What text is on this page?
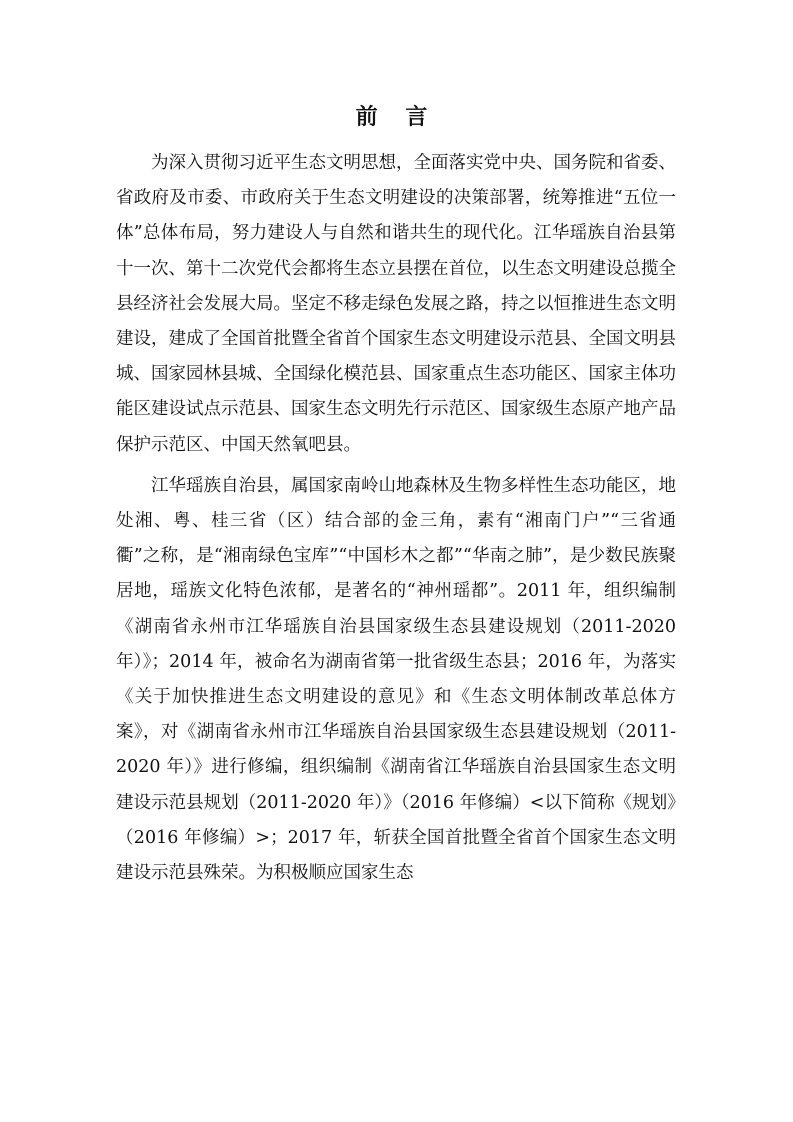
前 言

为深入贯彻习近平生态文明思想，全面落实党中央、国务院和省委、省政府及市委、市政府关于生态文明建设的决策部署，统筹推进“五位一体”总体布局，努力建设人与自然和谐共生的现代化。江华瑶族自治县第十一次、第十二次党代会都将生态立县摆在首位，以生态文明建设总揽全县经济社会发展大局。坚定不移走绿色发展之路，持之以恒推进生态文明建设，建成了全国首批暨全省首个国家生态文明建设示范县、全国文明县城、国家园林县城、全国绿化模范县、国家重点生态功能区、国家主体功能区建设试点示范县、国家生态文明先行示范区、国家级生态原产地产品保护示范区、中国天然氧吧县。

江华瑶族自治县，属国家南岭山地森林及生物多样性生态功能区，地处湘、粤、桂三省（区）结合部的金三角，素有“湘南门户”“三省通衢”之称，是“湘南绿色宝库”“中国杉木之都”“华南之肺”，是少数民族聚居地，瑶族文化特色浓郁，是著名的“神州瑶都”。2011 年，组织编制《湖南省永州市江华瑶族自治县国家级生态县建设规划（2011-2020 年）》；2014 年，被命名为湖南省第一批省级生态县；2016 年，为落实《关于加快推进生态文明建设的意见》和《生态文明体制改革总体方案》，对《湖南省永州市江华瑶族自治县国家级生态县建设规划（2011-2020 年）》进行修编，组织编制《湖南省江华瑶族自治县国家生态文明建设示范县规划（2011-2020 年）》（2016 年修编）<以下简称《规划》（2016 年修编）>；2017 年，斩获全国首批暨全省首个国家生态文明建设示范县殊荣。为积极顺应国家生态
